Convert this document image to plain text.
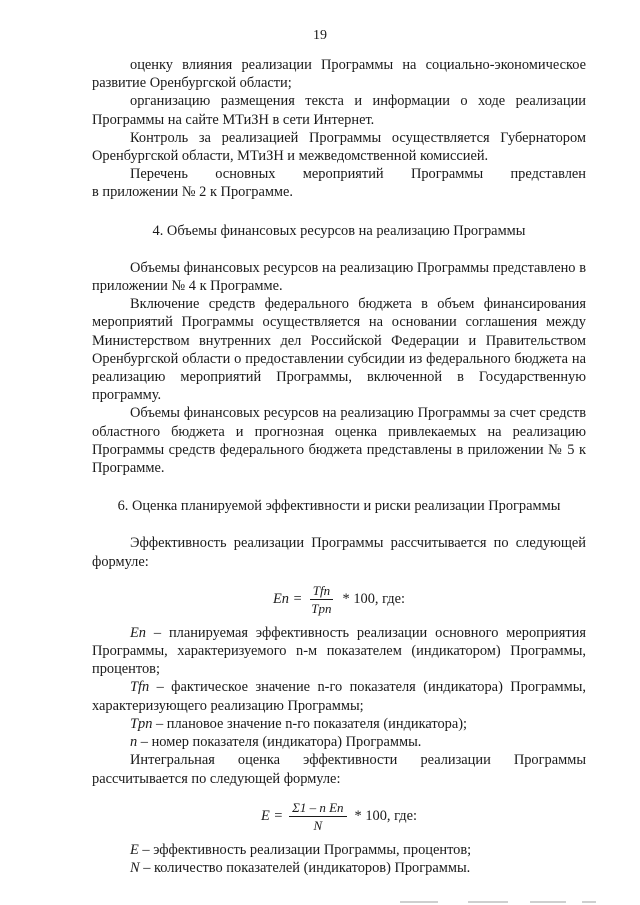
19

оценку влияния реализации Программы на социально-экономическое развитие Оренбургской области;

организацию размещения текста и информации о ходе реализации Программы на сайте МТиЗН в сети Интернет.

Контроль за реализацией Программы осуществляется Губернатором Оренбургской области, МТиЗН и межведомственной комиссией.

Перечень основных мероприятий Программы представлен

в приложении № 2 к Программе.

4. Объемы финансовых ресурсов на реализацию Программы

Объемы финансовых ресурсов на реализацию Программы представлено в приложении № 4 к Программе.

Включение средств федерального бюджета в объем финансирования мероприятий Программы осуществляется на основании соглашения между Министерством внутренних дел Российской Федерации и Правительством Оренбургской области о предоставлении субсидии из федерального бюджета на реализацию мероприятий Программы, включенной в Государственную программу.

Объемы финансовых ресурсов на реализацию Программы за счет средств областного бюджета и прогнозная оценка привлекаемых на реализацию Программы средств федерального бюджета представлены в приложении № 5 к Программе.

6. Оценка планируемой эффективности и риски реализации Программы

Эффективность реализации Программы рассчитывается по следующей формуле:

$En = \frac{\text{Tfn}}{\text{Tpn}} * 100$, где:

En – планируемая эффективность реализации основного мероприятия Программы, характеризуемого n-м показателем (индикатором) Программы, процентов;

Tfn – фактическое значение n-го показателя (индикатора) Программы, характеризующего реализацию Программы;

Tpn – плановое значение n-го показателя (индикатора);

n – номер показателя (индикатора) Программы.

Интегральная оценка эффективности реализации Программы рассчитывается по следующей формуле:

$E = \frac{\text{Σ1 – n En}}{N} * 100$, где:

E – эффективность реализации Программы, процентов;

N – количество показателей (индикаторов) Программы.
